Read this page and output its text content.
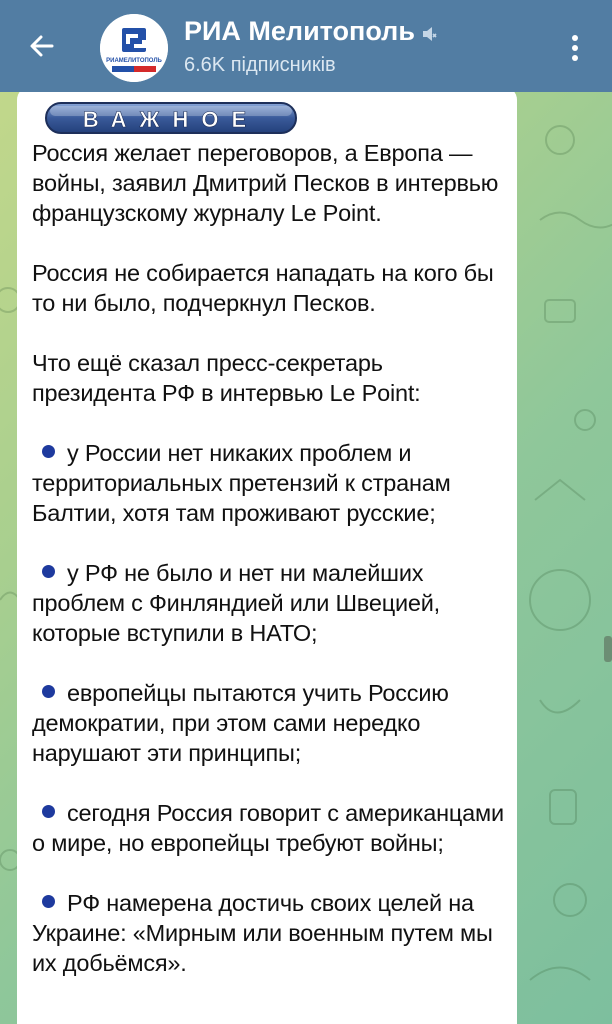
РИАМЕЛИТОПОЛЬ
РИА Мелитополь
6.6K підписників
ВАЖНОЕ

Россия желает переговоров, а Европа — войны, заявил Дмитрий Песков в интервью французскому журналу Le Point.

Россия не собирается нападать на кого бы то ни было, подчеркнул Песков.

Что ещё сказал пресс-секретарь президента РФ в интервью Le Point:

у России нет никаких проблем и территориальных претензий к странам Балтии, хотя там проживают русские;

у РФ не было и нет ни малейших проблем с Финляндией или Швецией, которые вступили в НАТО;

европейцы пытаются учить Россию демократии, при этом сами нередко нарушают эти принципы;

сегодня Россия говорит с американцами о мире, но европейцы требуют войны;

РФ намерена достичь своих целей на Украине: «Мирным или военным путем мы их добьёмся».
